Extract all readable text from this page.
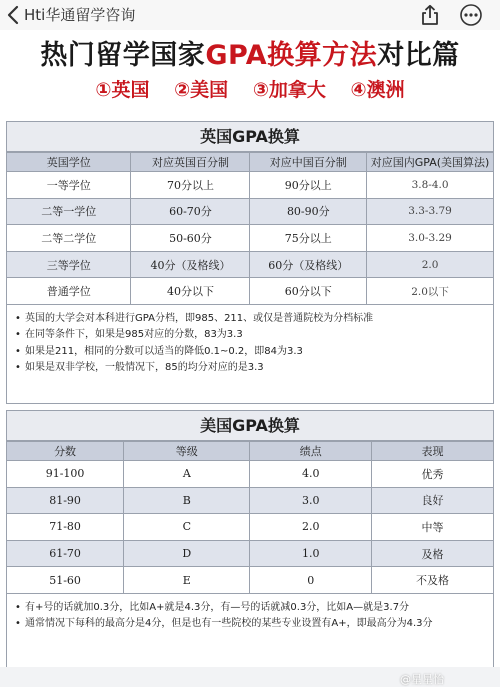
Hti华通留学咨询
热门留学国家GPA换算方法对比篇
①英国 ②美国 ③加拿大 ④澳洲
英国GPA换算
英国学位	对应英国百分制	对应中国百分制	对应国内GPA(美国算法)
一等学位	70分以上	90分以上	3.8-4.0
二等一学位	60-70分	80-90分	3.3-3.79
二等二学位	50-60分	75分以上	3.0-3.29
三等学位	40分（及格线）	60分（及格线）	2.0
普通学位	40分以下	60分以下	2.0以下
• 英国的大学会对本科进行GPA分档，即985、211、或仅是普通院校为分档标准
• 在同等条件下，如果是985对应的分数，83为3.3
• 如果是211，相同的分数可以适当的降低0.1~0.2，即84为3.3
• 如果是双非学校，一般情况下，85的均分对应的是3.3
美国GPA换算
分数	等级	绩点	表现
91-100	A	4.0	优秀
81-90	B	3.0	良好
71-80	C	2.0	中等
61-70	D	1.0	及格
51-60	E	0	不及格
• 有+号的话就加0.3分，比如A+就是4.3分，有—号的话就减0.3分，比如A—就是3.7分
• 通常情况下每科的最高分是4分，但是也有一些院校的某些专业设置有A+，即最高分为4.3分
@星星怡
